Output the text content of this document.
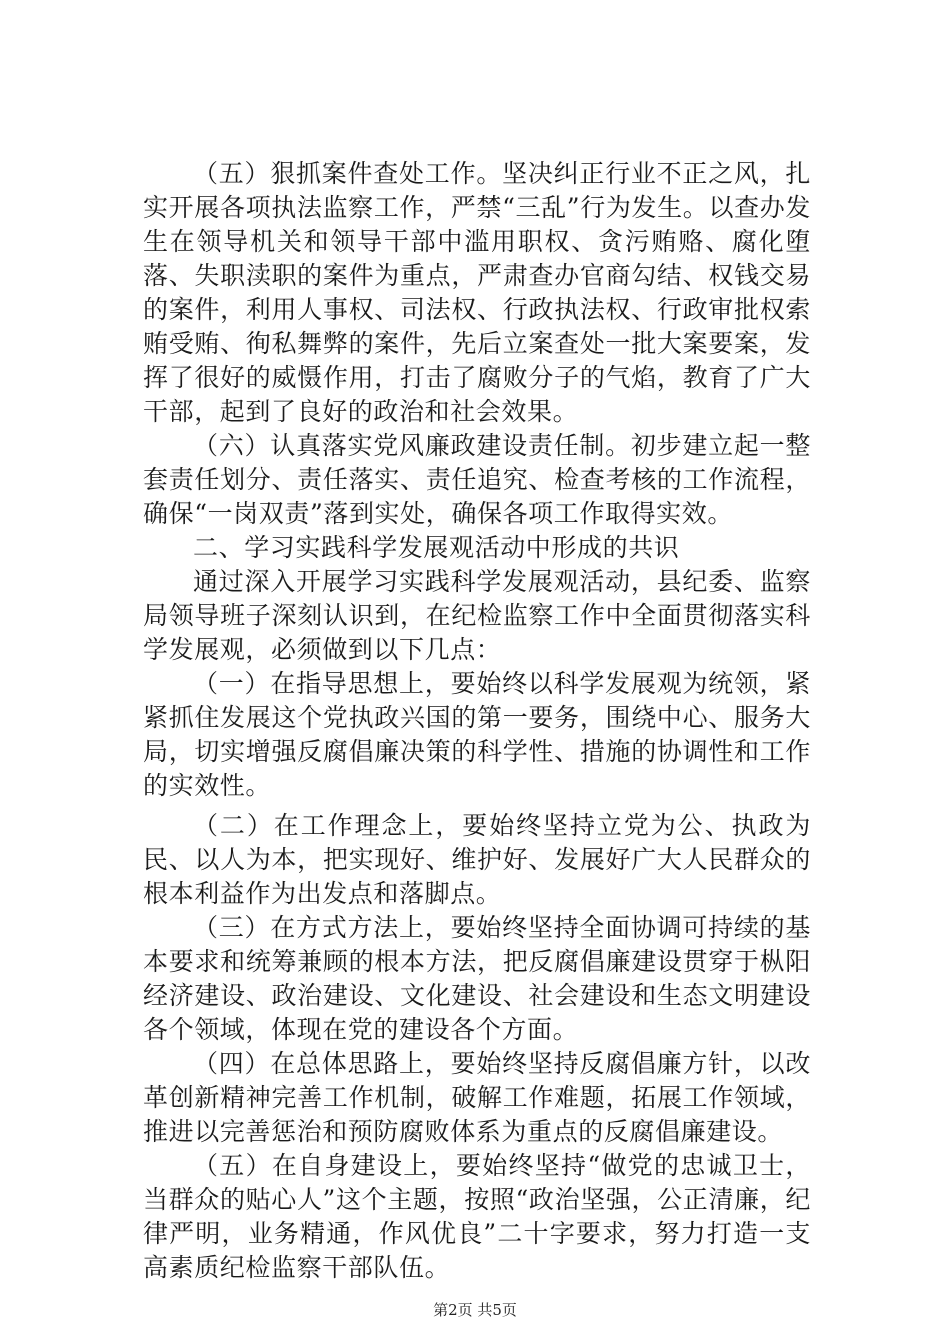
（五）狠抓案件查处工作。坚决纠正行业不正之风，扎实开展各项执法监察工作，严禁“三乱”行为发生。以查办发生在领导机关和领导干部中滥用职权、贪污贿赂、腐化堕落、失职渎职的案件为重点，严肃查办官商勾结、权钱交易的案件，利用人事权、司法权、行政执法权、行政审批权索贿受贿、徇私舞弊的案件，先后立案查处一批大案要案，发挥了很好的威慑作用，打击了腐败分子的气焰，教育了广大干部，起到了良好的政治和社会效果。

（六）认真落实党风廉政建设责任制。初步建立起一整套责任划分、责任落实、责任追究、检查考核的工作流程，确保“一岗双责”落到实处，确保各项工作取得实效。

二、学习实践科学发展观活动中形成的共识

通过深入开展学习实践科学发展观活动，县纪委、监察局领导班子深刻认识到，在纪检监察工作中全面贯彻落实科学发展观，必须做到以下几点：

（一）在指导思想上，要始终以科学发展观为统领，紧紧抓住发展这个党执政兴国的第一要务，围绕中心、服务大局，切实增强反腐倡廉决策的科学性、措施的协调性和工作的实效性。

（二）在工作理念上，要始终坚持立党为公、执政为民、以人为本，把实现好、维护好、发展好广大人民群众的根本利益作为出发点和落脚点。

（三）在方式方法上，要始终坚持全面协调可持续的基本要求和统筹兼顾的根本方法，把反腐倡廉建设贯穿于枞阳经济建设、政治建设、文化建设、社会建设和生态文明建设各个领域，体现在党的建设各个方面。

（四）在总体思路上，要始终坚持反腐倡廉方针，以改革创新精神完善工作机制，破解工作难题，拓展工作领域，推进以完善惩治和预防腐败体系为重点的反腐倡廉建设。

（五）在自身建设上，要始终坚持“做党的忠诚卫士，当群众的贴心人”这个主题，按照“政治坚强，公正清廉，纪律严明，业务精通，作风优良”二十字要求，努力打造一支高素质纪检监察干部队伍。

第2页 共5页
